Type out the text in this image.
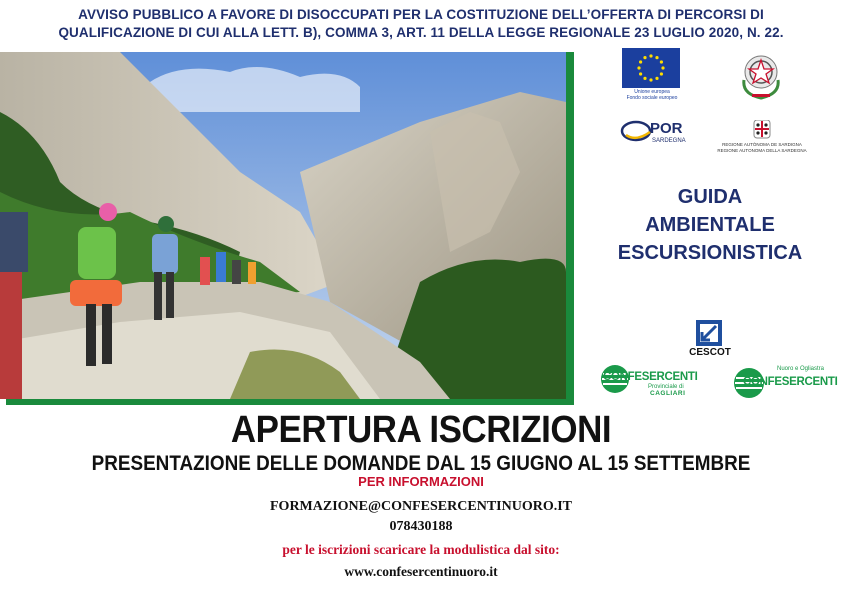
AVVISO PUBBLICO A FAVORE DI DISOCCUPATI PER LA COSTITUZIONE DELL’OFFERTA DI PERCORSI DI
QUALIFICAZIONE DI CUI ALLA LETT. B), COMMA 3, ART. 11 DELLA LEGGE REGIONALE 23 LUGLIO 2020, N. 22.
Unione europea
Fondo sociale europeo
POR
SARDEGNA
REGIONE AUTÒNOMA DE SARDIGNA
REGIONE AUTONOMA DELLA SARDEGNA
GUIDA
AMBIENTALE
ESCURSIONISTICA
CESCOT
CONFESERCENTI
Provinciale di
CAGLIARI
Nuoro e Ogliastra
CONFESERCENTI
APERTURA ISCRIZIONI
PRESENTAZIONE DELLE DOMANDE DAL 15 GIUGNO AL 15 SETTEMBRE
PER INFORMAZIONI
FORMAZIONE@CONFESERCENTINUORO.IT
078430188
per le iscrizioni scaricare la modulistica dal sito:
www.confesercentinuoro.it
